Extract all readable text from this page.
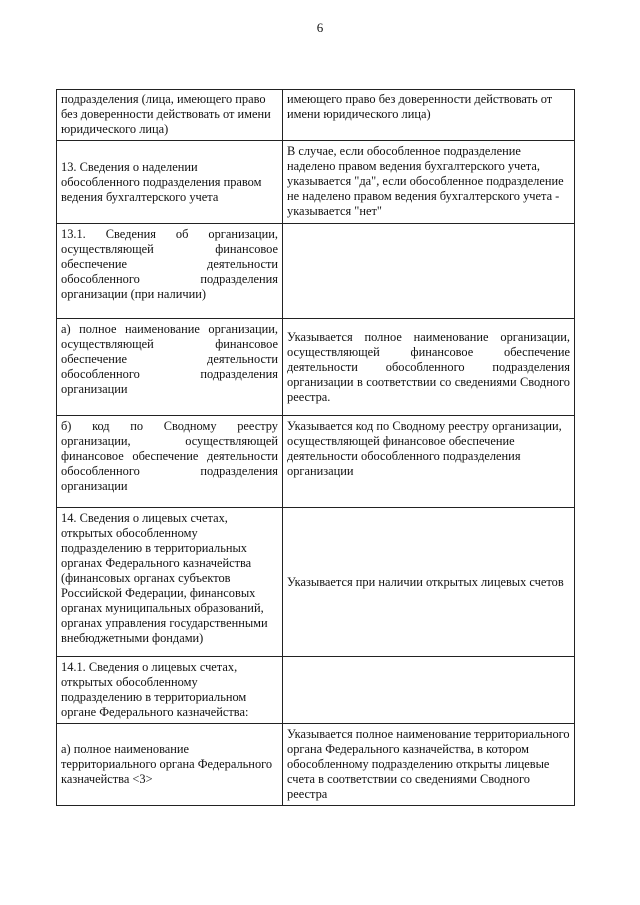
6
подразделения (лица, имеющего право без доверенности действовать от имени юридического лица)	имеющего право без доверенности действовать от имени юридического лица)
13. Сведения о наделении обособленного подразделения правом ведения бухгалтерского учета	В случае, если обособленное подразделение наделено правом ведения бухгалтерского учета, указывается "да", если обособленное подразделение не наделено правом ведения бухгалтерского учета - указывается "нет"
13.1. Сведения об организации, осуществляющей финансовое обеспечение деятельности обособленного подразделения организации (при наличии)	
а) полное наименование организации, осуществляющей финансовое обеспечение деятельности обособленного подразделения организации	Указывается полное наименование организации, осуществляющей финансовое обеспечение деятельности обособленного подразделения организации в соответствии со сведениями Сводного реестра.
б) код по Сводному реестру организации, осуществляющей финансовое обеспечение деятельности обособленного подразделения организации	Указывается код по Сводному реестру организации, осуществляющей финансовое обеспечение деятельности обособленного подразделения организации
14. Сведения о лицевых счетах, открытых обособленному подразделению в территориальных органах Федерального казначейства (финансовых органах субъектов Российской Федерации, финансовых органах муниципальных образований, органах управления государственными внебюджетными фондами)	Указывается при наличии открытых лицевых счетов
14.1. Сведения о лицевых счетах, открытых обособленному подразделению в территориальном органе Федерального казначейства:	
а) полное наименование территориального органа Федерального казначейства <3>	Указывается полное наименование территориального органа Федерального казначейства, в котором обособленному подразделению открыты лицевые счета в соответствии со сведениями Сводного реестра
